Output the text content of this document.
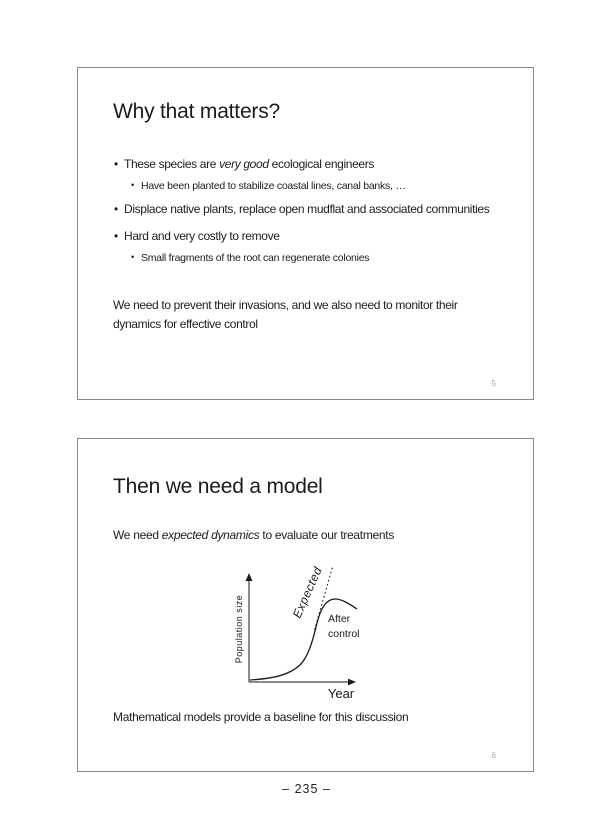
Why that matters?
• These species are very good ecological engineers
• Have been planted to stabilize coastal lines, canal banks, …
• Displace native plants, replace open mudflat and associated communities
• Hard and very costly to remove
• Small fragments of the root can regenerate colonies

We need to prevent their invasions, and we also need to monitor their dynamics for effective control

5
Then we need a model
We need expected dynamics to evaluate our treatments
Population size
Expected After
control
Year
Mathematical models provide a baseline for this discussion
6
– 235 –
